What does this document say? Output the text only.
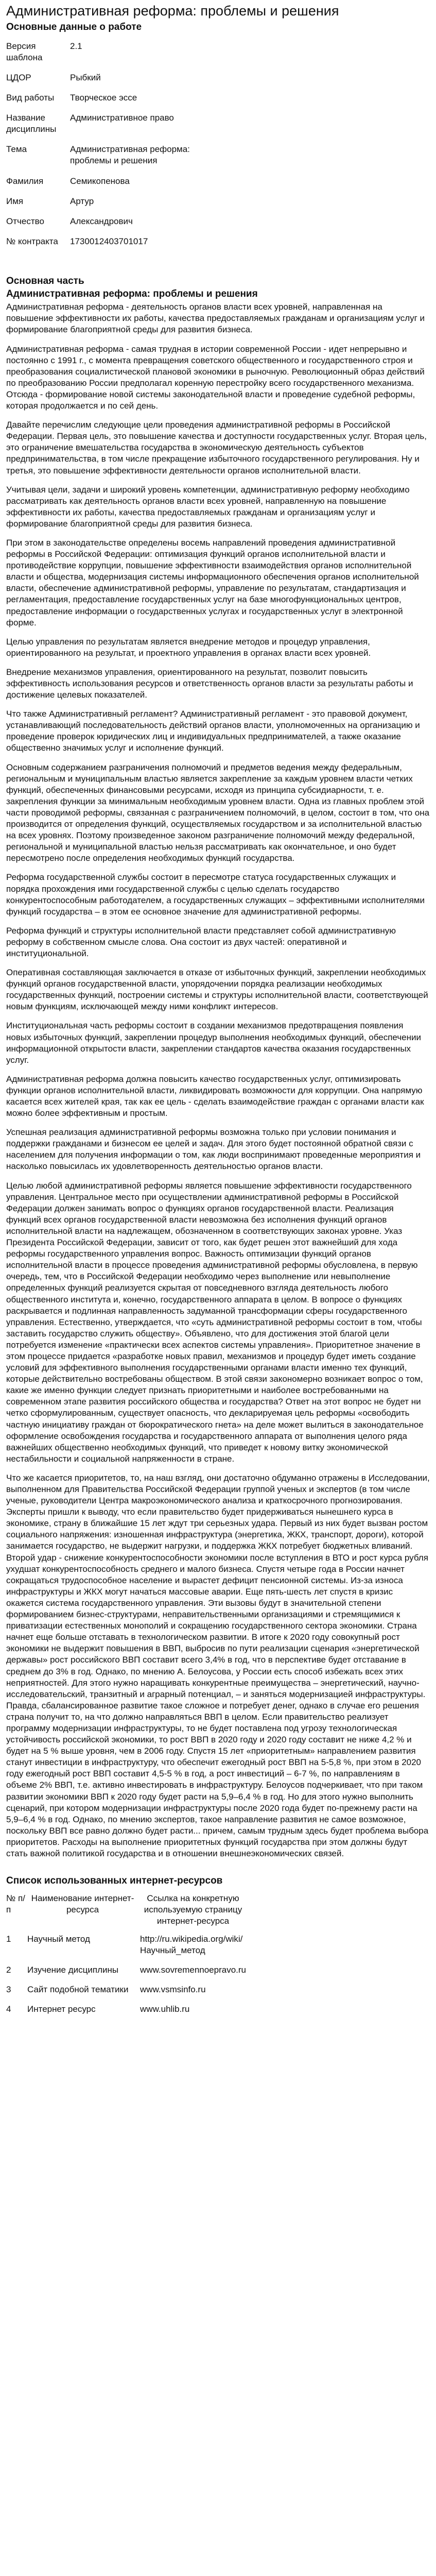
Административная реформа: проблемы и решения
Основные данные о работе
Версия шаблона	2.1
ЦДОР	Рыбкий
Вид работы	Творческое эссе
Название дисциплины	Административное право
Тема	Административная реформа: проблемы и решения
Фамилия	Семикопенова
Имя	Артур
Отчество	Александрович
№ контракта	1730012403701017
Основная часть
Административная реформа: проблемы и решения

Административная реформа - деятельность органов власти всех уровней, направленная на повышение эффективности их работы, качества предоставляемых гражданам и организациям услуг и формирование благоприятной среды для развития бизнеса.

Административная реформа - самая трудная в истории современной России - идет непрерывно и постоянно с 1991 г., с момента превращения советского общественного и государственного строя и преобразования социалистической плановой экономики в рыночную. Революционный образ действий по преобразованию России предполагал коренную перестройку всего государственного механизма. Отсюда - формирование новой системы законодательной власти и проведение судебной реформы, которая продолжается и по сей день.

Давайте перечислим следующие цели проведения административной реформы в Российской Федерации. Первая цель, это повышение качества и доступности государственных услуг. Вторая цель, это ограничение вмешательства государства в экономическую деятельность субъектов предпринимательства, в том числе прекращение избыточного государственного регулирования. Ну и третья, это повышение эффективности деятельности органов исполнительной власти.

Учитывая цели, задачи и широкий уровень компетенции, административную реформу необходимо рассматривать как деятельность органов власти всех уровней, направленную на повышение эффективности их работы, качества предоставляемых гражданам и организациям услуг и формирование благоприятной среды для развития бизнеса.

При этом в законодательстве определены восемь направлений проведения административной реформы в Российской Федерации: оптимизация функций органов исполнительной власти и противодействие коррупции, повышение эффективности взаимодействия органов исполнительной власти и общества, модернизация системы информационного обеспечения органов исполнительной власти, обеспечение административной реформы, управление по результатам, стандартизация и регламентация, предоставление государственных услуг на базе многофункциональных центров, предоставление информации о государственных услугах и государственных услуг в электронной форме.

Целью управления по результатам является внедрение методов и процедур управления, ориентированного на результат, и проектного управления в органах власти всех уровней.

Внедрение механизмов управления, ориентированного на результат, позволит повысить эффективность использования ресурсов и ответственность органов власти за результаты работы и достижение целевых показателей.

Что также Административный регламент? Административный регламент - это правовой документ, устанавливающий последовательность действий органов власти, уполномоченных на организацию и проведение проверок юридических лиц и индивидуальных предпринимателей, а также оказание общественно значимых услуг и исполнение функций.

Основным содержанием разграничения полномочий и предметов ведения между федеральным, региональным и муниципальным властью является закрепление за каждым уровнем власти четких функций, обеспеченных финансовыми ресурсами, исходя из принципа субсидиарности, т. е. закрепления функции за минимальным необходимым уровнем власти. Одна из главных проблем этой части проводимой реформы, связанная с разграничением полномочий, в целом, состоит в том, что она производится от определения функций, осуществляемых государством и за исполнительной властью на всех уровнях. Поэтому произведенное законом разграничение полномочий между федеральной, региональной и муниципальной властью нельзя рассматривать как окончательное, и оно будет пересмотрено после определения необходимых функций государства.

Реформа государственной службы состоит в пересмотре статуса государственных служащих и порядка прохождения ими государственной службы с целью сделать государство конкурентоспособным работодателем, а государственных служащих – эффективными исполнителями функций государства – в этом ее основное значение для административной реформы.

Реформа функций и структуры исполнительной власти представляет собой административную реформу в собственном смысле слова. Она состоит из двух частей: оперативной и институциональной.

Оперативная составляющая заключается в отказе от избыточных функций, закреплении необходимых функций органов государственной власти, упорядочении порядка реализации необходимых государственных функций, построении системы и структуры исполнительной власти, соответствующей новым функциям, исключающей между ними конфликт интересов.

Институциональная часть реформы состоит в создании механизмов предотвращения появления новых избыточных функций, закреплении процедур выполнения необходимых функций, обеспечении информационной открытости власти, закреплении стандартов качества оказания государственных услуг.

Административная реформа должна повысить качество государственных услуг, оптимизировать функции органов исполнительной власти, ликвидировать возможности для коррупции. Она напрямую касается всех жителей края, так как ее цель - сделать взаимодействие граждан с органами власти как можно более эффективным и простым.

Успешная реализация административной реформы возможна только при условии понимания и поддержки гражданами и бизнесом ее целей и задач. Для этого будет постоянной обратной связи с населением для получения информации о том, как люди воспринимают проведенные мероприятия и насколько повысилась их удовлетворенность деятельностью органов власти.

Целью любой административной реформы является повышение эффективности государственного управления. Центральное место при осуществлении административной реформы в Российской Федерации должен занимать вопрос о функциях органов государственной власти. Реализация функций всех органов государственной власти невозможна без исполнения функций органов исполнительной власти на надлежащем, обозначенном в соответствующих законах уровне. Указ Президента Российской Федерации, зависит от того, как будет решен этот важнейший для хода реформы государственного управления вопрос. Важность оптимизации функций органов исполнительной власти в процессе проведения административной реформы обусловлена, в первую очередь, тем, что в Российской Федерации необходимо через выполнение или невыполнение определенных функций реализуется скрытая от повседневного взгляда деятельность любого общественного института и, конечно, государственного аппарата в целом. В вопросе о функциях раскрывается и подлинная направленность задуманной трансформации сферы государственного управления. Естественно, утверждается, что «суть административной реформы состоит в том, чтобы заставить государство служить обществу». Объявлено, что для достижения этой благой цели потребуется изменение «практически всех аспектов системы управления». Приоритетное значение в этом процессе придается «разработке новых правил, механизмов и процедур будет иметь создание условий для эффективного выполнения государственными органами власти именно тех функций, которые действительно востребованы обществом. В этой связи закономерно возникает вопрос о том, какие же именно функции следует признать приоритетными и наиболее востребованными на современном этапе развития российского общества и государства? Ответ на этот вопрос не будет ни четко сформулированным, существует опасность, что декларируемая цель реформы «освободить частную инициативу граждан от бюрократического гнета» на деле может вылиться в законодательное оформление освобождения государства и государственного аппарата от выполнения целого ряда важнейших общественно необходимых функций, что приведет к новому витку экономической нестабильности и социальной напряженности в стране.

Что же касается приоритетов, то, на наш взгляд, они достаточно обдуманно отражены в Исследовании, выполненном для Правительства Российской Федерации группой ученых и экспертов (в том числе ученые, руководители Центра макроэкономического анализа и краткосрочного прогнозирования. Эксперты пришли к выводу, что если правительство будет придерживаться нынешнего курса в экономике, страну в ближайшие 15 лет ждут три серьезных удара. Первый из них будет вызван ростом социального напряжения: изношенная инфраструктура (энергетика, ЖКХ, транспорт, дороги), которой занимается государство, не выдержит нагрузки, и поддержка ЖКХ потребует бюджетных вливаний. Второй удар - снижение конкурентоспособности экономики после вступления в ВТО и рост курса рубля ухудшат конкурентоспособность среднего и малого бизнеса. Спустя четыре года в России начнет сокращаться трудоспособное население и вырастет дефицит пенсионной системы. Из-за износа инфраструктуры и ЖКХ могут начаться массовые аварии. Еще пять-шесть лет спустя в кризис окажется система государственного управления. Эти вызовы будут в значительной степени формированием бизнес-структурами, неправительственными организациями и стремящимися к приватизации естественных монополий и сокращению государственного сектора экономики. Страна начнет еще больше отставать в технологическом развитии. В итоге к 2020 году совокупный рост экономики не выдержит повышения в ВВП, выбросив по пути реализации сценария «энергетической державы» рост российского ВВП составит всего 3,4% в год, что в перспективе будет отставание в среднем до 3% в год. Однако, по мнению А. Белоусова, у России есть способ избежать всех этих неприятностей. Для этого нужно наращивать конкурентные преимущества – энергетический, научно-исследовательский, транзитный и аграрный потенциал, – и заняться модернизацией инфраструктуры. Правда, сбалансированное развитие такое сложное и потребует денег, однако в случае его решения страна получит то, на что должно направляться ВВП в целом. Если правительство реализует программу модернизации инфраструктуры, то не будет поставлена под угрозу технологическая устойчивость российской экономики, то рост ВВП в 2020 году и 2020 году составит не ниже 4,2 % и будет на 5 % выше уровня, чем в 2006 году. Спустя 15 лет «приоритетным» направлением развития станут инвестиции в инфраструктуру, что обеспечит ежегодный рост ВВП на 5-5,8 %, при этом в 2020 году ежегодный рост ВВП составит 4,5-5 % в год, а рост инвестиций – 6-7 %, по направлениям в объеме 2% ВВП, т.е. активно инвестировать в инфраструктуру. Белоусов подчеркивает, что при таком развитии экономики ВВП к 2020 году будет расти на 5,9–6,4 % в год. Но для этого нужно выполнить сценарий, при котором модернизации инфраструктуры после 2020 года будет по-прежнему расти на 5,9–6,4 % в год. Однако, по мнению экспертов, такое направление развития не самое возможное, поскольку ВВП все равно должно будет расти... причем, самым трудным здесь будет проблема выбора приоритетов. Расходы на выполнение приоритетных функций государства при этом должны будут стать важной политикой государства и в отношении внешнеэкономических связей.

Список использованных интернет-ресурсов
№ п/п	Наименование интернет-ресурса	Ссылка на конкретную используемую страницу интернет-ресурса
1	Научный метод	http://ru.wikipedia.org/wiki/Научный_метод
2	Изучение дисциплины	www.sovremennoepravo.ru
3	Сайт подобной тематики	www.vsmsinfo.ru
4	Интернет ресурс	www.uhlib.ru
